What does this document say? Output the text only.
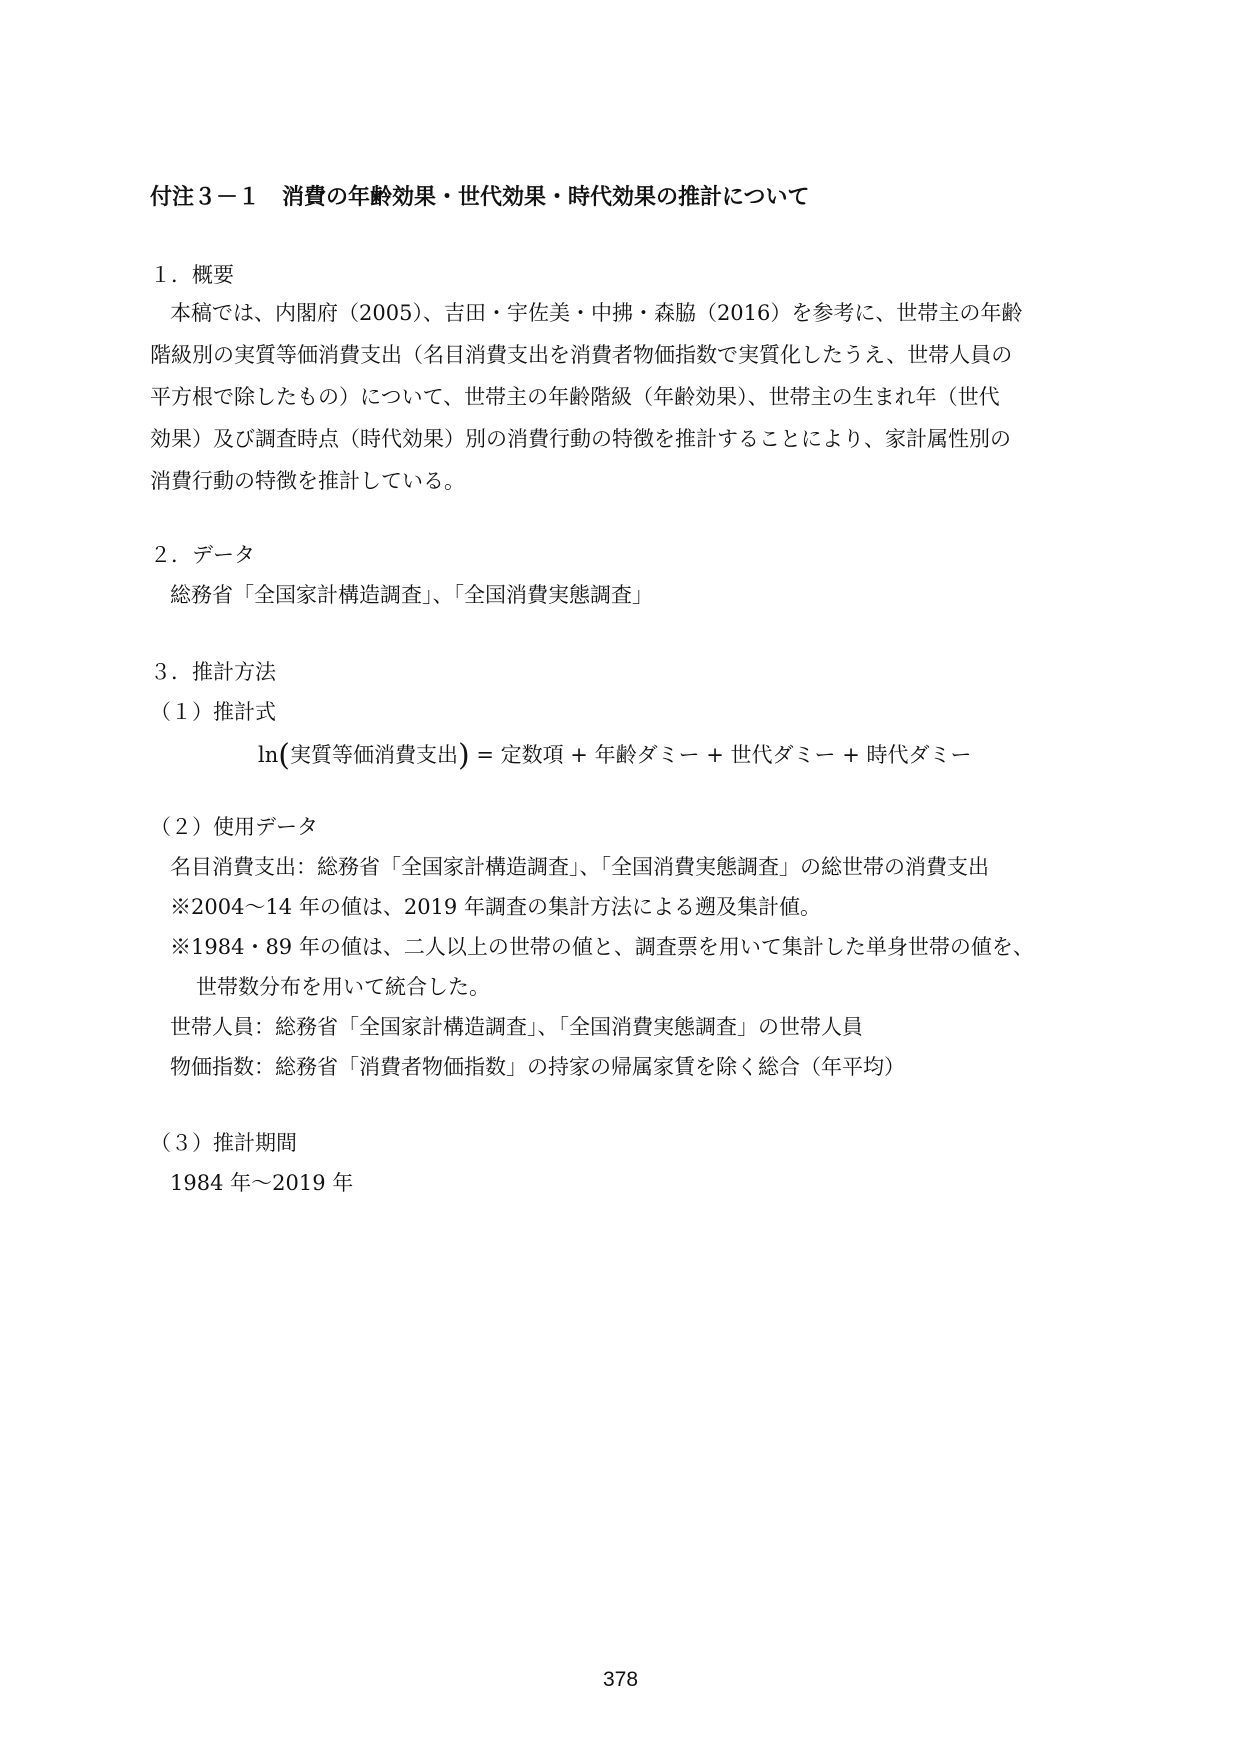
付注３－１　消費の年齢効果・世代効果・時代効果の推計について
１．概要
本稿では、内閣府（2005）、吉田・宇佐美・中拂・森脇（2016）を参考に、世帯主の年齢
階級別の実質等価消費支出（名目消費支出を消費者物価指数で実質化したうえ、世帯人員の
平方根で除したもの）について、世帯主の年齢階級（年齢効果）、世帯主の生まれ年（世代
効果）及び調査時点（時代効果）別の消費行動の特徴を推計することにより、家計属性別の
消費行動の特徴を推計している。
２．データ
総務省「全国家計構造調査」、「全国消費実態調査」
３．推計方法
（１）推計式
ln(実質等価消費支出) = 定数項 + 年齢ダミー + 世代ダミー + 時代ダミー
（２）使用データ
名目消費支出：総務省「全国家計構造調査」、「全国消費実態調査」の総世帯の消費支出
※2004～14 年の値は、2019 年調査の集計方法による遡及集計値。
※1984・89 年の値は、二人以上の世帯の値と、調査票を用いて集計した単身世帯の値を、
世帯数分布を用いて統合した。
世帯人員：総務省「全国家計構造調査」、「全国消費実態調査」の世帯人員
物価指数：総務省「消費者物価指数」の持家の帰属家賃を除く総合（年平均）
（３）推計期間
1984 年～2019 年
378
